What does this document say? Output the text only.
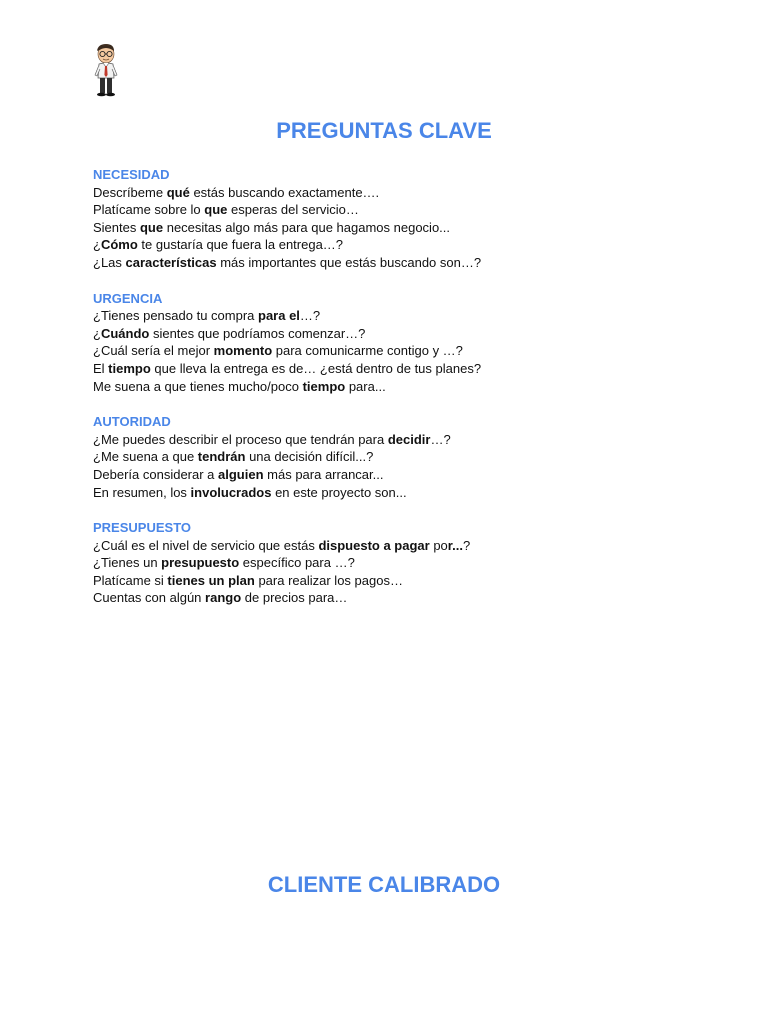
PREGUNTAS CLAVE
NECESIDAD
Descríbeme qué estás buscando exactamente….
Platícame sobre lo que esperas del servicio…
Sientes que necesitas algo más para que hagamos negocio...
¿Cómo te gustaría que fuera la entrega…?
¿Las características más importantes que estás buscando son…?
URGENCIA
¿Tienes pensado tu compra para el…?
¿Cuándo sientes que podríamos comenzar…?
¿Cuál sería el mejor momento para comunicarme contigo y …?
El tiempo que lleva la entrega es de… ¿está dentro de tus planes?
Me suena a que tienes mucho/poco tiempo para...
AUTORIDAD
¿Me puedes describir el proceso que tendrán para decidir…?
¿Me suena a que tendrán una decisión difícil...?
Debería considerar a alguien más para arrancar...
En resumen, los involucrados en este proyecto son...
PRESUPUESTO
¿Cuál es el nivel de servicio que estás dispuesto a pagar por...?
¿Tienes un presupuesto específico para …?
Platícame si tienes un plan para realizar los pagos…
Cuentas con algún rango de precios para…
CLIENTE CALIBRADO
